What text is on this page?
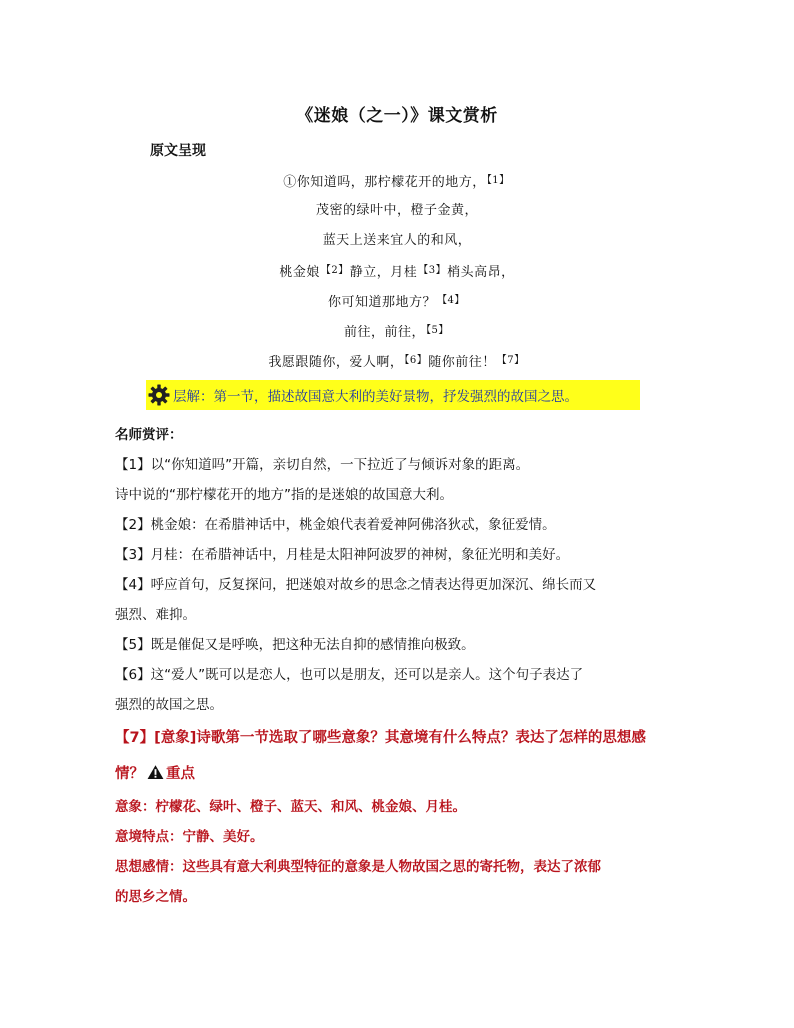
《迷娘（之一）》课文赏析
原文呈现
①你知道吗，那柠檬花开的地方，$^{【1】}$
茂密的绿叶中，橙子金黄，
蓝天上送来宜人的和风，
桃金娘$^{【2】}$静立，月桂$^{【3】}$梢头高昂，
你可知道那地方？$^{【4】}$
前往，前往，$^{【5】}$
我愿跟随你，爱人啊，$^{【6】}$随你前往！$^{【7】}$
层解：第一节，描述故国意大利的美好景物，抒发强烈的故国之思。
名师赏评：
【1】以“你知道吗”开篇，亲切自然，一下拉近了与倾诉对象的距离。
诗中说的“那柠檬花开的地方”指的是迷娘的故国意大利。
【2】桃金娘：在希腊神话中，桃金娘代表着爱神阿佛洛狄忒，象征爱情。
【3】月桂：在希腊神话中，月桂是太阳神阿波罗的神树，象征光明和美好。
【4】呼应首句，反复探问，把迷娘对故乡的思念之情表达得更加深沉、绵长而又
强烈、难抑。
【5】既是催促又是呼唤，把这种无法自抑的感情推向极致。
【6】这“爱人”既可以是恋人，也可以是朋友，还可以是亲人。这个句子表达了
强烈的故国之思。
【7】[意象]诗歌第一节选取了哪些意象？其意境有什么特点？表达了怎样的思想感
情？ 重点
意象：柠檬花、绿叶、橙子、蓝天、和风、桃金娘、月桂。
意境特点：宁静、美好。
思想感情：这些具有意大利典型特征的意象是人物故国之思的寄托物，表达了浓郁
的思乡之情。
